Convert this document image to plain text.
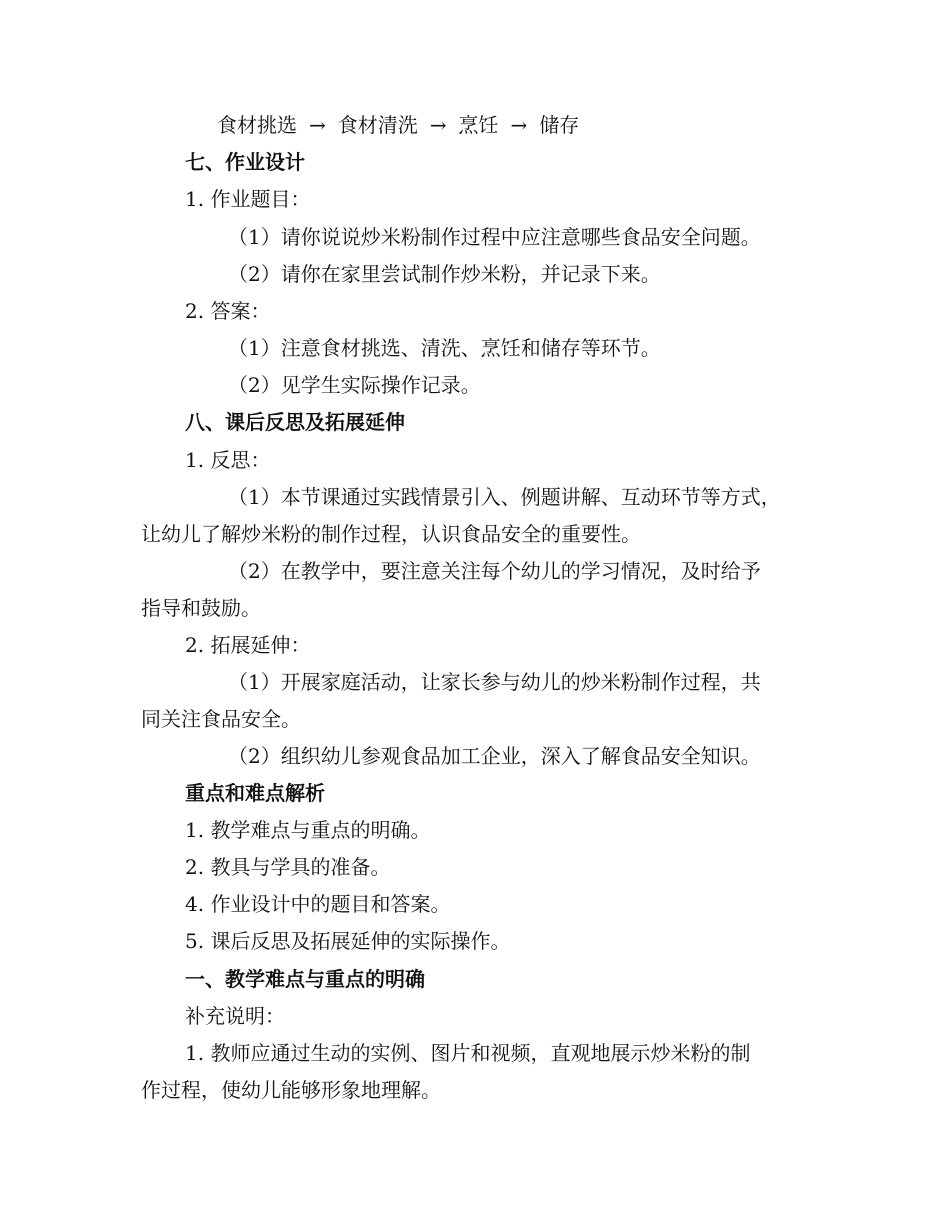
食材挑选 → 食材清洗 → 烹饪 → 储存
七、作业设计
1. 作业题目：
（1）请你说说炒米粉制作过程中应注意哪些食品安全问题。
（2）请你在家里尝试制作炒米粉，并记录下来。
2. 答案：
（1）注意食材挑选、清洗、烹饪和储存等环节。
（2）见学生实际操作记录。
八、课后反思及拓展延伸
1. 反思：
（1）本节课通过实践情景引入、例题讲解、互动环节等方式，
让幼儿了解炒米粉的制作过程，认识食品安全的重要性。
（2）在教学中，要注意关注每个幼儿的学习情况，及时给予
指导和鼓励。
2. 拓展延伸：
（1）开展家庭活动，让家长参与幼儿的炒米粉制作过程，共
同关注食品安全。
（2）组织幼儿参观食品加工企业，深入了解食品安全知识。
重点和难点解析
1. 教学难点与重点的明确。
2. 教具与学具的准备。
4. 作业设计中的题目和答案。
5. 课后反思及拓展延伸的实际操作。
一、教学难点与重点的明确
补充说明：
1. 教师应通过生动的实例、图片和视频，直观地展示炒米粉的制
作过程，使幼儿能够形象地理解。
